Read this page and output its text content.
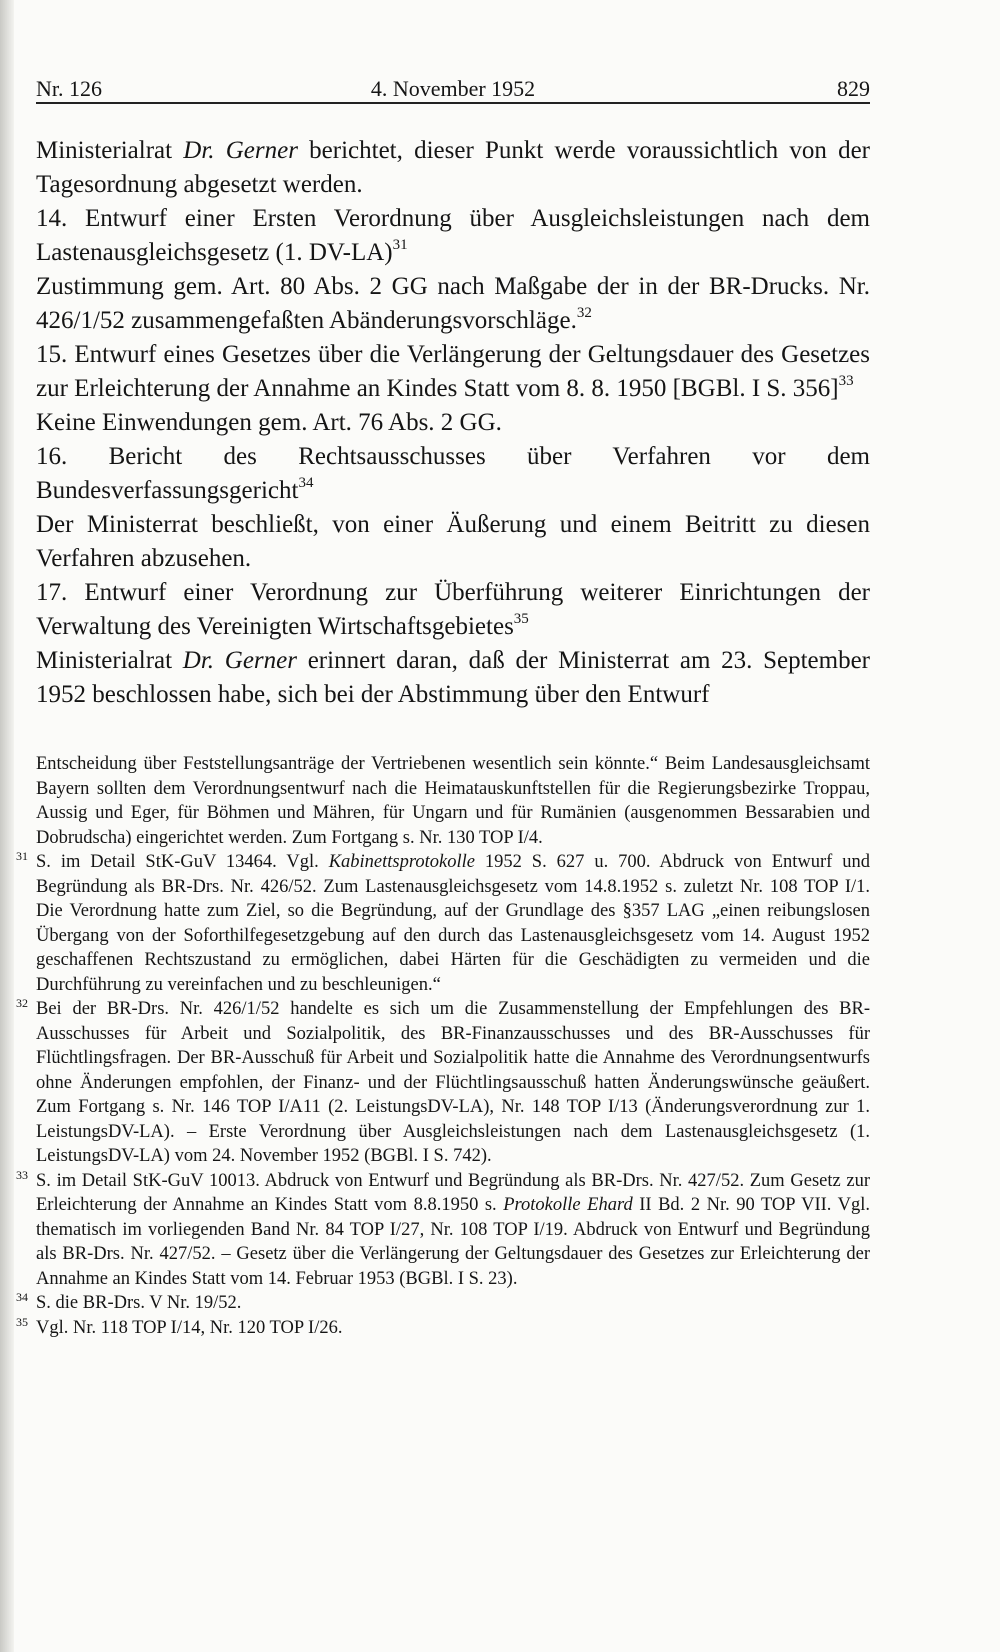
Nr. 126	4. November 1952	829

Ministerialrat Dr. Gerner berichtet, dieser Punkt werde voraussichtlich von der Tagesordnung abgesetzt werden.

14. Entwurf einer Ersten Verordnung über Ausgleichsleistungen nach dem Lastenausgleichsgesetz (1. DV-LA)$^{31}$

Zustimmung gem. Art. 80 Abs. 2 GG nach Maßgabe der in der BR-Drucks. Nr. 426/1/52 zusammengefaßten Abänderungsvorschläge.$^{32}$

15. Entwurf eines Gesetzes über die Verlängerung der Geltungsdauer des Gesetzes zur Erleichterung der Annahme an Kindes Statt vom 8. 8. 1950 [BGBl. I S. 356]$^{33}$

Keine Einwendungen gem. Art. 76 Abs. 2 GG.

16. Bericht des Rechtsausschusses über Verfahren vor dem Bundesverfassungsgericht$^{34}$

Der Ministerrat beschließt, von einer Äußerung und einem Beitritt zu diesen Verfahren abzusehen.

17. Entwurf einer Verordnung zur Überführung weiterer Einrichtungen der Verwaltung des Vereinigten Wirtschaftsgebietes$^{35}$

Ministerialrat Dr. Gerner erinnert daran, daß der Ministerrat am 23. September 1952 beschlossen habe, sich bei der Abstimmung über den Entwurf

Entscheidung über Feststellungsanträge der Vertriebenen wesentlich sein könnte.“ Beim Landesausgleichsamt Bayern sollten dem Verordnungsentwurf nach die Heimatauskunftstellen für die Regierungsbezirke Troppau, Aussig und Eger, für Böhmen und Mähren, für Ungarn und für Rumänien (ausgenommen Bessarabien und Dobrudscha) eingerichtet werden. Zum Fortgang s. Nr. 130 TOP I/4.

31 S. im Detail StK-GuV 13464. Vgl. Kabinettsprotokolle 1952 S. 627 u. 700. Abdruck von Entwurf und Begründung als BR-Drs. Nr. 426/52. Zum Lastenausgleichsgesetz vom 14.8.1952 s. zuletzt Nr. 108 TOP I/1. Die Verordnung hatte zum Ziel, so die Begründung, auf der Grundlage des §357 LAG „einen reibungslosen Übergang von der Soforthilfegesetzgebung auf den durch das Lastenausgleichsgesetz vom 14. August 1952 geschaffenen Rechtszustand zu ermöglichen, dabei Härten für die Geschädigten zu vermeiden und die Durchführung zu vereinfachen und zu beschleunigen.“

32 Bei der BR-Drs. Nr. 426/1/52 handelte es sich um die Zusammenstellung der Empfehlungen des BR-Ausschusses für Arbeit und Sozialpolitik, des BR-Finanzausschusses und des BR-Ausschusses für Flüchtlingsfragen. Der BR-Ausschuß für Arbeit und Sozialpolitik hatte die Annahme des Verordnungsentwurfs ohne Änderungen empfohlen, der Finanz- und der Flüchtlingsausschuß hatten Änderungswünsche geäußert. Zum Fortgang s. Nr. 146 TOP I/A11 (2. LeistungsDV-LA), Nr. 148 TOP I/13 (Änderungsverordnung zur 1. LeistungsDV-LA). – Erste Verordnung über Ausgleichsleistungen nach dem Lastenausgleichsgesetz (1. LeistungsDV-LA) vom 24. November 1952 (BGBl. I S. 742).

33 S. im Detail StK-GuV 10013. Abdruck von Entwurf und Begründung als BR-Drs. Nr. 427/52. Zum Gesetz zur Erleichterung der Annahme an Kindes Statt vom 8.8.1950 s. Protokolle Ehard II Bd. 2 Nr. 90 TOP VII. Vgl. thematisch im vorliegenden Band Nr. 84 TOP I/27, Nr. 108 TOP I/19. Abdruck von Entwurf und Begründung als BR-Drs. Nr. 427/52. – Gesetz über die Verlängerung der Geltungsdauer des Gesetzes zur Erleichterung der Annahme an Kindes Statt vom 14. Februar 1953 (BGBl. I S. 23).

34 S. die BR-Drs. V Nr. 19/52.

35 Vgl. Nr. 118 TOP I/14, Nr. 120 TOP I/26.
